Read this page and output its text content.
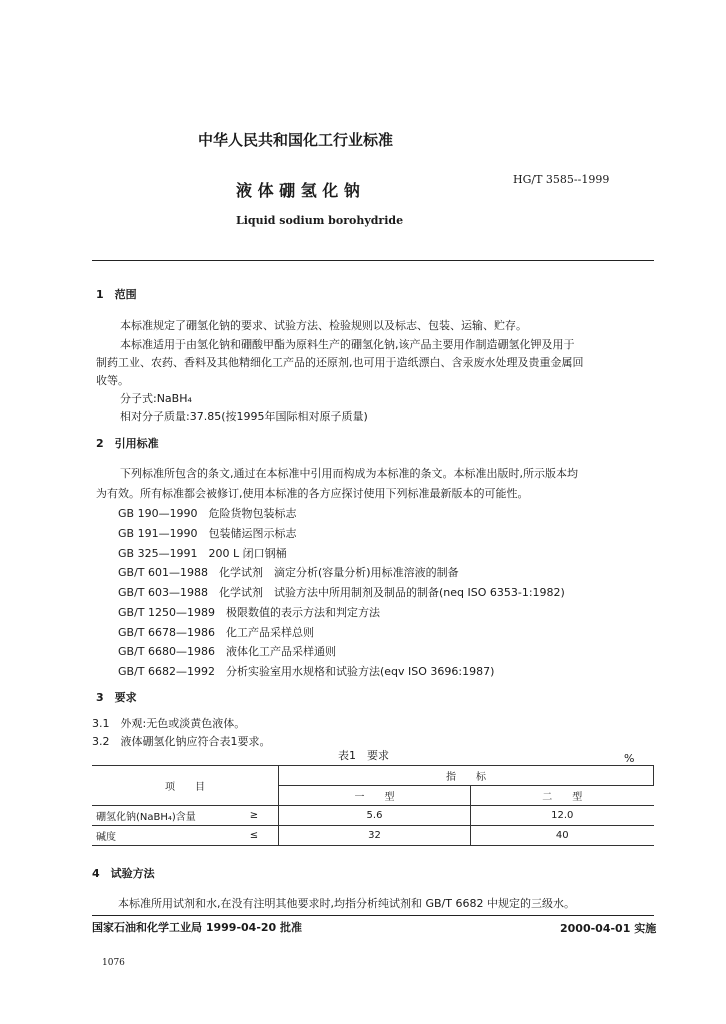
中华人民共和国化工行业标准
液 体 硼 氢 化 钠
HG/T 3585--1999
Liquid sodium borohydride
1　范围
本标准规定了硼氢化钠的要求、试验方法、检验规则以及标志、包装、运输、贮存。
本标准适用于由氢化钠和硼酸甲酯为原料生产的硼氢化钠,该产品主要用作制造硼氢化钾及用于
制药工业、农药、香料及其他精细化工产品的还原剂,也可用于造纸漂白、含汞废水处理及贵重金属回
收等。
分子式:NaBH₄
相对分子质量:37.85(按1995年国际相对原子质量)
2　引用标准
下列标准所包含的条文,通过在本标准中引用而构成为本标准的条文。本标准出版时,所示版本均
为有效。所有标准都会被修订,使用本标准的各方应探讨使用下列标准最新版本的可能性。
GB 190—1990　危险货物包装标志
GB 191—1990　包装储运图示标志
GB 325—1991　200 L 闭口钢桶
GB/T 601—1988　化学试剂　滴定分析(容量分析)用标准溶液的制备
GB/T 603—1988　化学试剂　试验方法中所用制剂及制品的制备(neq ISO 6353-1:1982)
GB/T 1250—1989　极限数值的表示方法和判定方法
GB/T 6678—1986　化工产品采样总则
GB/T 6680—1986　液体化工产品采样通则
GB/T 6682—1992　分析实验室用水规格和试验方法(eqv ISO 3696:1987)
3　要求
3.1　外观:无色或淡黄色液体。
3.2　液体硼氢化钠应符合表1要求。
表1　要求	%
项　　目		指　　标	
		一　　型	二　　型
硼氢化钠(NaBH₄)含量	≥	5.6	12.0
碱度	≤	32	40
4　试验方法
本标准所用试剂和水,在没有注明其他要求时,均指分析纯试剂和 GB/T 6682 中规定的三级水。
国家石油和化学工业局 1999-04-20 批准	2000-04-01 实施
1076
